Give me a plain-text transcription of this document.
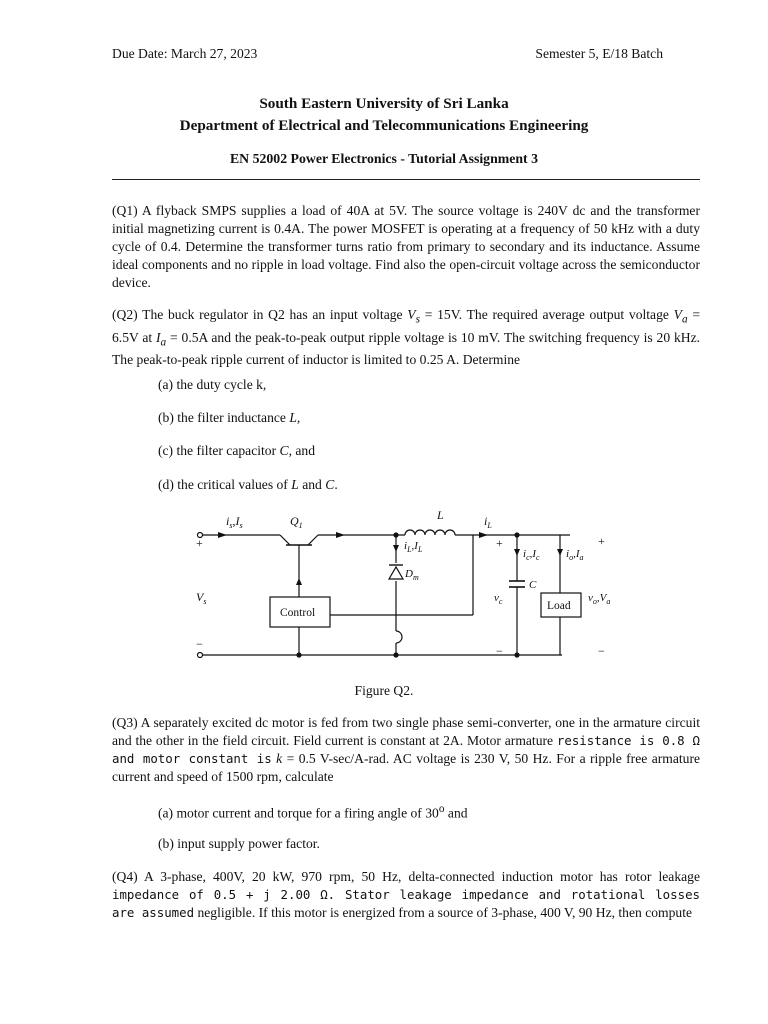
Due Date: March 27, 2023	Semester 5, E/18 Batch
South Eastern University of Sri Lanka
Department of Electrical and Telecommunications Engineering
EN 52002 Power Electronics - Tutorial Assignment 3
(Q1) A flyback SMPS supplies a load of 40A at 5V. The source voltage is 240V dc and the transformer initial magnetizing current is 0.4A. The power MOSFET is operating at a frequency of 50 kHz with a duty cycle of 0.4. Determine the transformer turns ratio from primary to secondary and its inductance. Assume ideal components and no ripple in load voltage. Find also the open-circuit voltage across the semiconductor device.
(Q2) The buck regulator in Q2 has an input voltage $V_s = 15V$. The required average output voltage $V_a = 6.5V$ at $I_a = 0.5A$ and the peak-to-peak output ripple voltage is 10 mV. The switching frequency is 20 kHz. The peak-to-peak ripple current of inductor is limited to 0.25 A. Determine
(a) the duty cycle k,
(b) the filter inductance L,
(c) the filter capacitor C, and
(d) the critical values of L and C.
$i_s,I_s$	$Q_1$
L	$i_L$
$i_L,I_L$
$D_m$
$V_s$
Control
$i_c,I_c$ $i_o,I_a$
C
$v_c$	Load
$v_o,V_a$
+
−
+
−
+
−
Figure Q2.
(Q3) A separately excited dc motor is fed from two single phase semi-converter, one in the armature circuit and the other in the field circuit. Field current is constant at 2A. Motor armature resistance is 0.8 Ω and motor constant is k = 0.5 V-sec/A-rad. AC voltage is 230 V, 50 Hz. For a ripple free armature current and speed of 1500 rpm, calculate
(a) motor current and torque for a firing angle of 30$^o$ and
(b) input supply power factor.
(Q4) A 3-phase, 400V, 20 kW, 970 rpm, 50 Hz, delta-connected induction motor has rotor leakage impedance of 0.5 + j 2.00 Ω. Stator leakage impedance and rotational losses are assumed negligible. If this motor is energized from a source of 3-phase, 400 V, 90 Hz, then compute
